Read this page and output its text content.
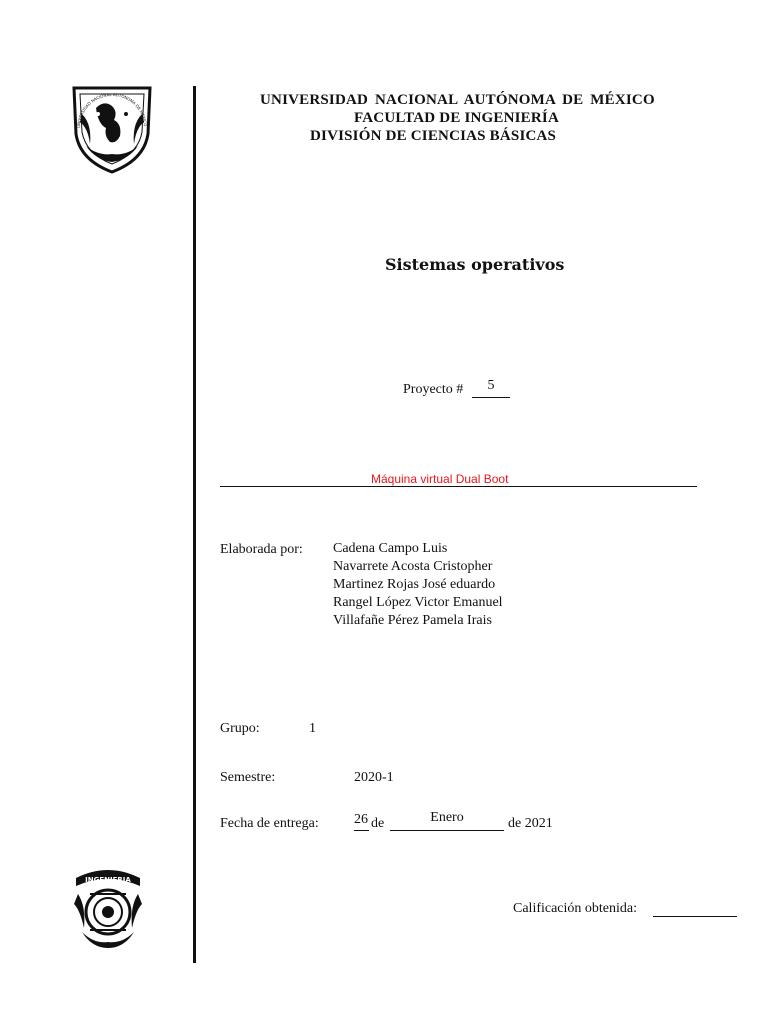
UNIVERSIDAD NACIONAL AUTONOMA DE MEXICO
UNIVERSIDAD NACIONAL AUTÓNOMA DE MÉXICO
FACULTAD DE INGENIERÍA
DIVISIÓN DE CIENCIAS BÁSICAS
Sistemas operativos
Proyecto #	5
Máquina virtual Dual Boot
Elaborada por: Cadena Campo Luis
Navarrete Acosta Cristopher
Martinez Rojas José eduardo
Rangel López Victor Emanuel
Villafañe Pérez Pamela Irais
Grupo:	1
Semestre:	2020-1
Fecha de entrega:	26 de	Enero	de 2021
INGENIERIA
Calificación obtenida:
